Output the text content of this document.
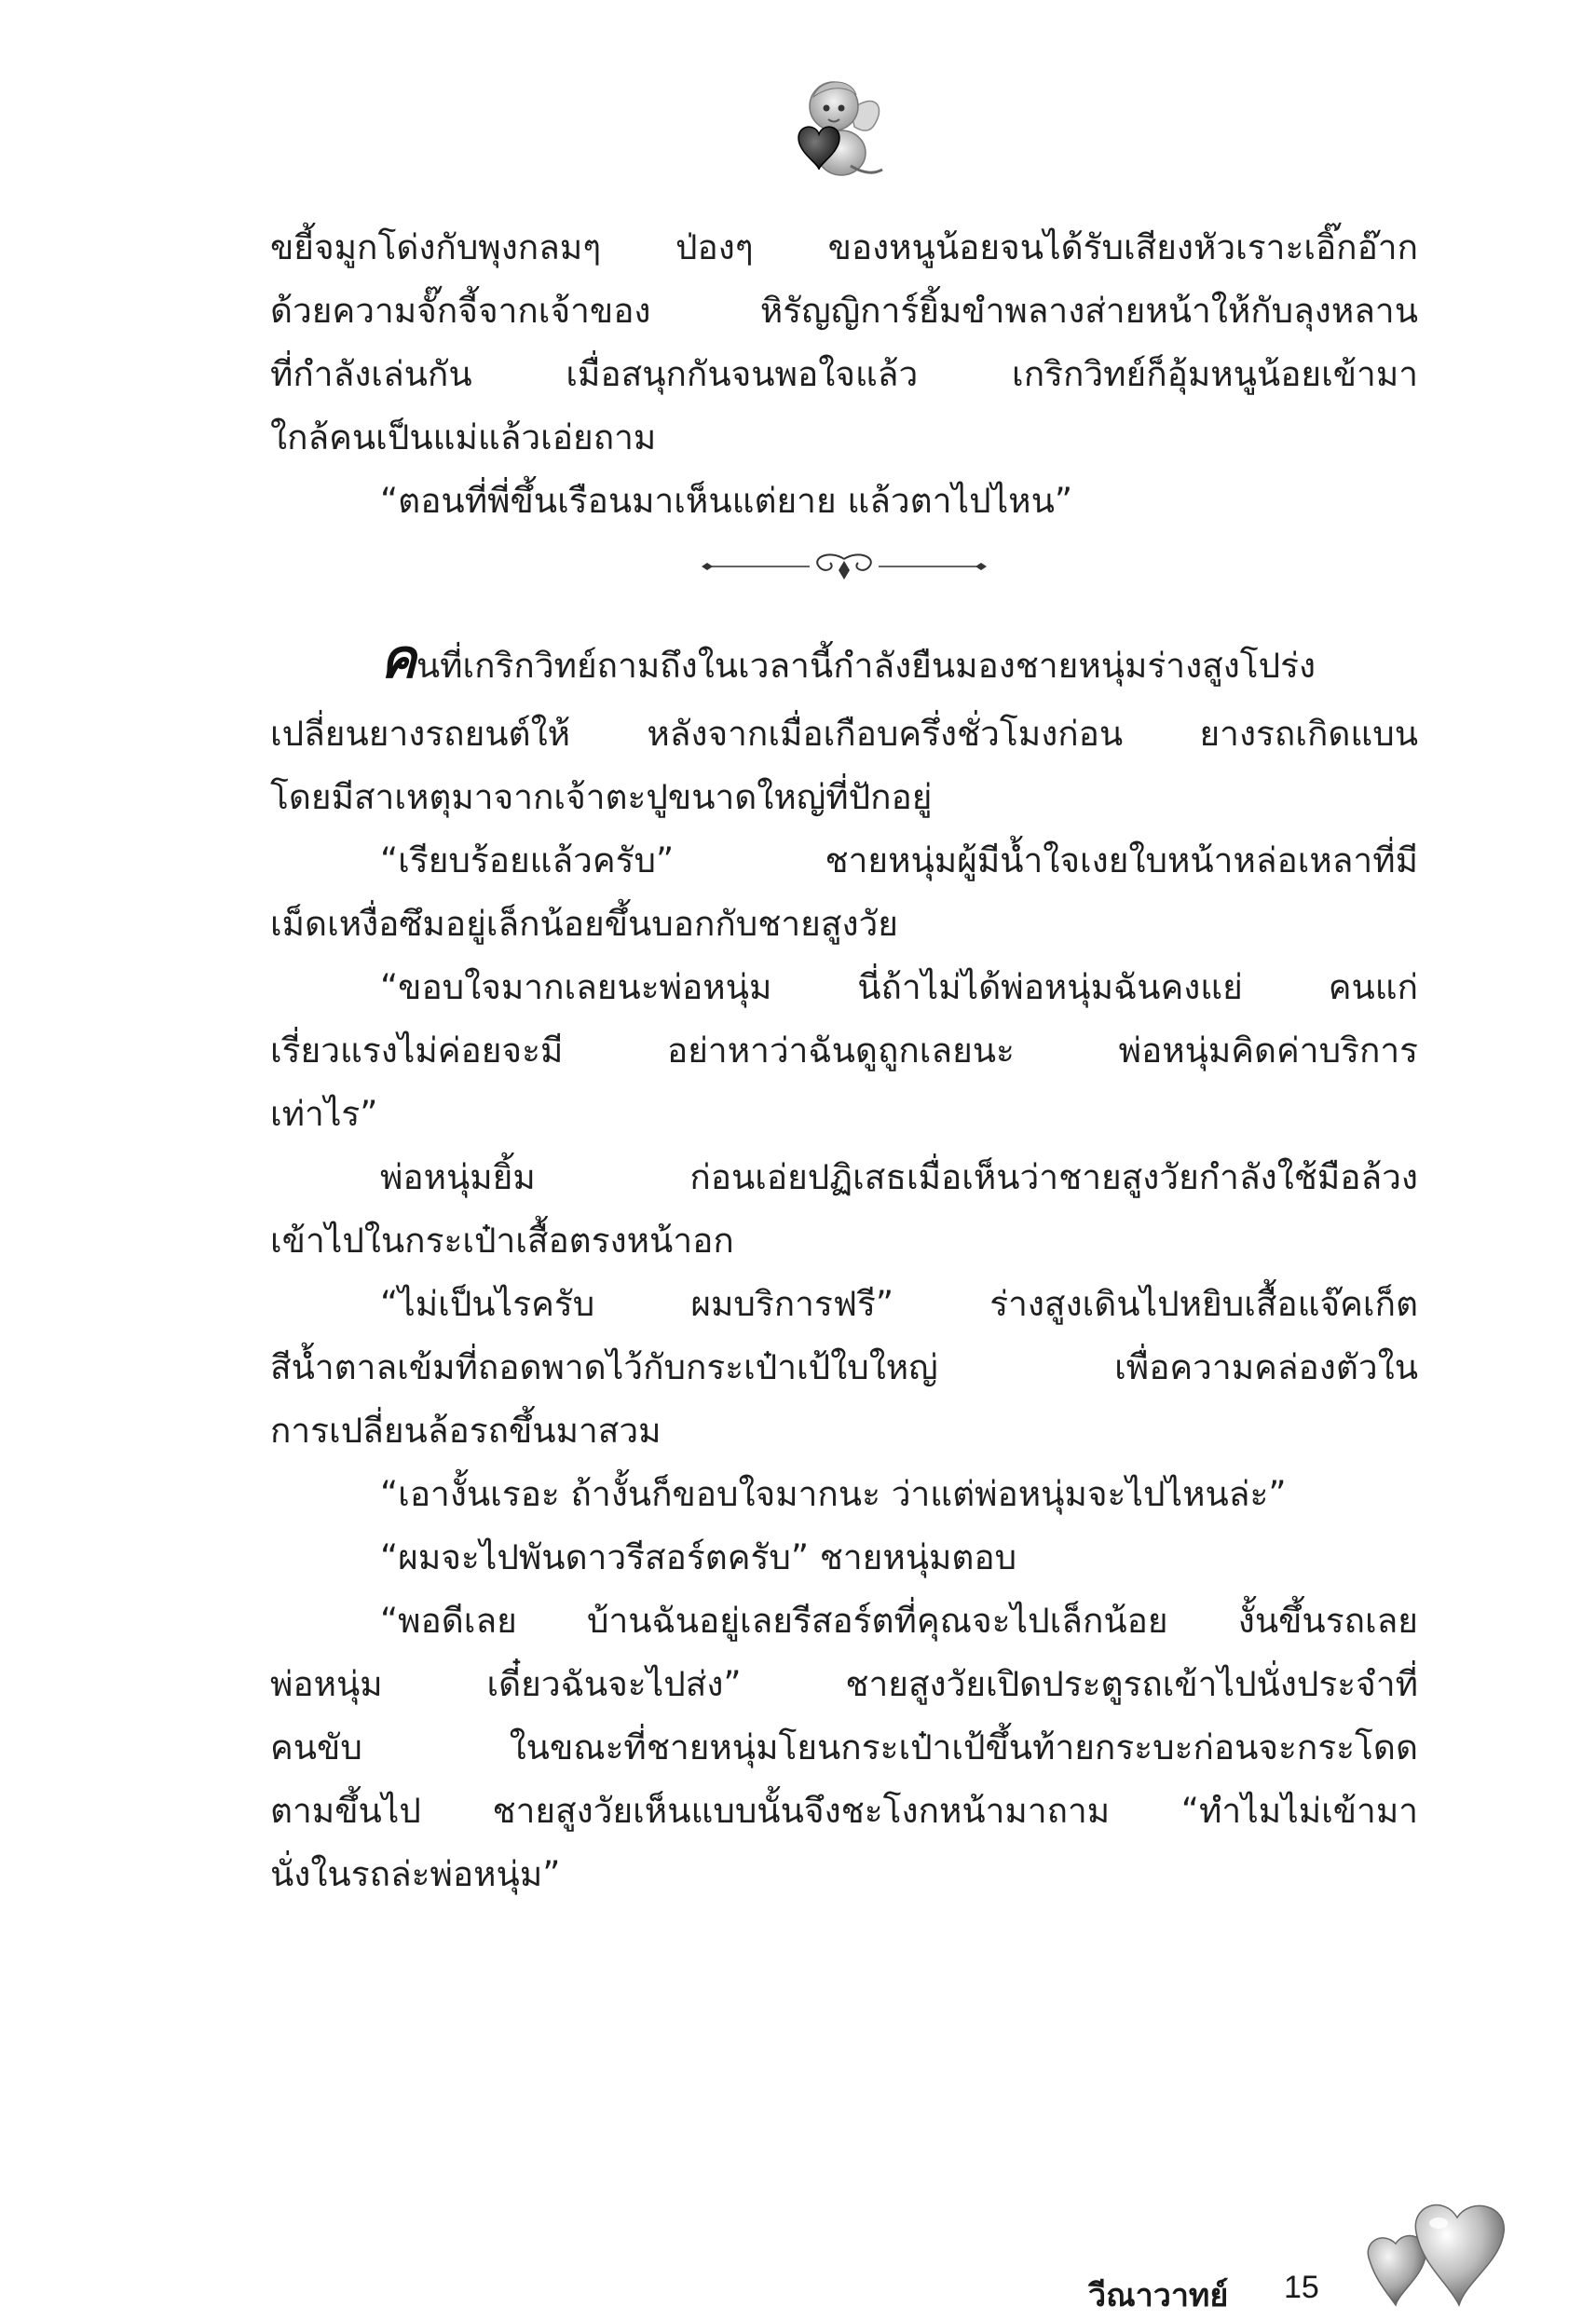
ขยี้จมูกโด่งกับพุงกลมๆ ป่องๆ ของหนูน้อยจนได้รับเสียงหัวเราะเอิ๊กอ๊าก
ด้วยความจั๊กจี้จากเจ้าของ หิรัญญิการ์ยิ้มขำพลางส่ายหน้าให้กับลุงหลาน
ที่กำลังเล่นกัน เมื่อสนุกกันจนพอใจแล้ว เกริกวิทย์ก็อุ้มหนูน้อยเข้ามา
ใกล้คนเป็นแม่แล้วเอ่ยถาม
“ตอนที่พี่ขึ้นเรือนมาเห็นแต่ยาย แล้วตาไปไหน”
คนที่เกริกวิทย์ถามถึงในเวลานี้กำลังยืนมองชายหนุ่มร่างสูงโปร่ง
เปลี่ยนยางรถยนต์ให้ หลังจากเมื่อเกือบครึ่งชั่วโมงก่อน ยางรถเกิดแบน
โดยมีสาเหตุมาจากเจ้าตะปูขนาดใหญ่ที่ปักอยู่
“เรียบร้อยแล้วครับ” ชายหนุ่มผู้มีน้ำใจเงยใบหน้าหล่อเหลาที่มี
เม็ดเหงื่อซึมอยู่เล็กน้อยขึ้นบอกกับชายสูงวัย
“ขอบใจมากเลยนะพ่อหนุ่ม นี่ถ้าไม่ได้พ่อหนุ่มฉันคงแย่ คนแก่
เรี่ยวแรงไม่ค่อยจะมี อย่าหาว่าฉันดูถูกเลยนะ พ่อหนุ่มคิดค่าบริการ
เท่าไร”
พ่อหนุ่มยิ้ม ก่อนเอ่ยปฏิเสธเมื่อเห็นว่าชายสูงวัยกำลังใช้มือล้วง
เข้าไปในกระเป๋าเสื้อตรงหน้าอก
“ไม่เป็นไรครับ ผมบริการฟรี” ร่างสูงเดินไปหยิบเสื้อแจ๊คเก็ต
สีน้ำตาลเข้มที่ถอดพาดไว้กับกระเป๋าเป้ใบใหญ่ เพื่อความคล่องตัวใน
การเปลี่ยนล้อรถขึ้นมาสวม
“เอางั้นเรอะ ถ้างั้นก็ขอบใจมากนะ ว่าแต่พ่อหนุ่มจะไปไหนล่ะ”
“ผมจะไปพันดาวรีสอร์ตครับ” ชายหนุ่มตอบ
“พอดีเลย บ้านฉันอยู่เลยรีสอร์ตที่คุณจะไปเล็กน้อย งั้นขึ้นรถเลย
พ่อหนุ่ม เดี๋ยวฉันจะไปส่ง” ชายสูงวัยเปิดประตูรถเข้าไปนั่งประจำที่
คนขับ ในขณะที่ชายหนุ่มโยนกระเป๋าเป้ขึ้นท้ายกระบะก่อนจะกระโดด
ตามขึ้นไป ชายสูงวัยเห็นแบบนั้นจึงชะโงกหน้ามาถาม “ทำไมไม่เข้ามา
นั่งในรถล่ะพ่อหนุ่ม”
วีณาวาทย์ 15
